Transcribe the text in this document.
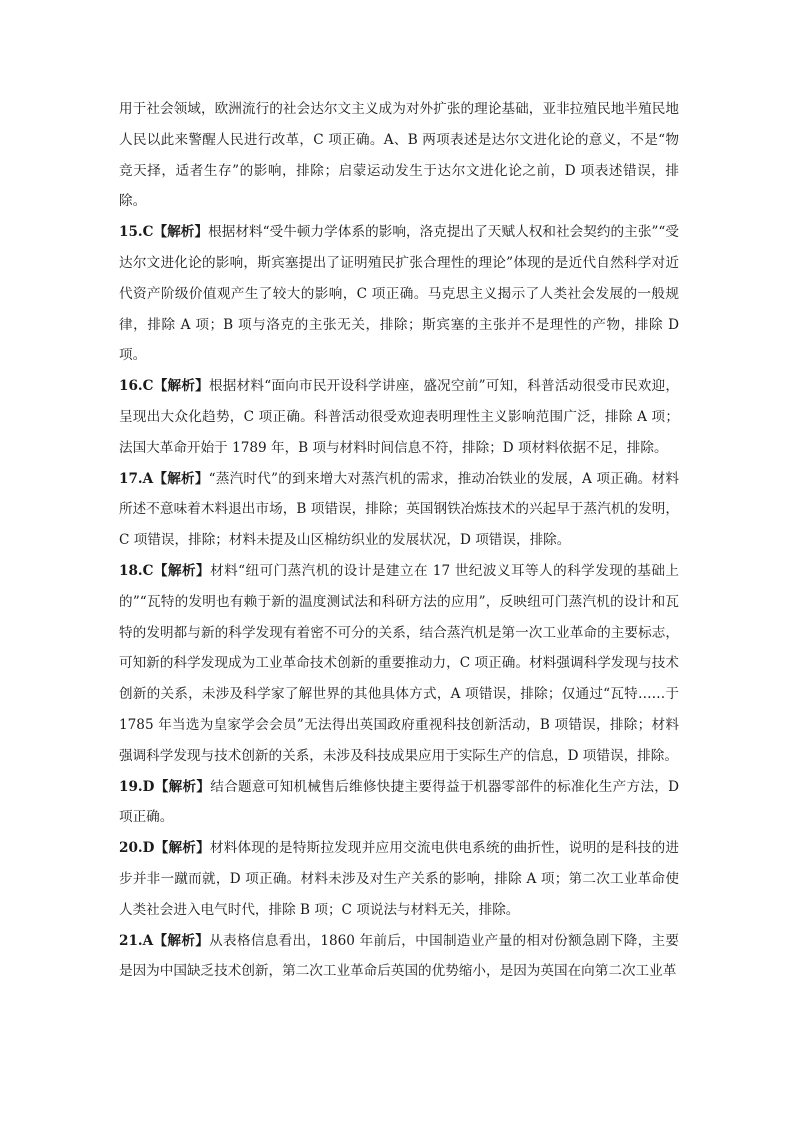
用于社会领域，欧洲流行的社会达尔文主义成为对外扩张的理论基础，亚非拉殖民地半殖民地人民以此来警醒人民进行改革，C 项正确。A、B 两项表述是达尔文进化论的意义，不是“物竞天择，适者生存”的影响，排除；启蒙运动发生于达尔文进化论之前，D 项表述错误，排除。

15.C【解析】根据材料“受牛顿力学体系的影响，洛克提出了天赋人权和社会契约的主张”“受达尔文进化论的影响，斯宾塞提出了证明殖民扩张合理性的理论”体现的是近代自然科学对近代资产阶级价值观产生了较大的影响，C 项正确。马克思主义揭示了人类社会发展的一般规律，排除 A 项；B 项与洛克的主张无关，排除；斯宾塞的主张并不是理性的产物，排除 D 项。

16.C【解析】根据材料“面向市民开设科学讲座，盛况空前”可知，科普活动很受市民欢迎，呈现出大众化趋势，C 项正确。科普活动很受欢迎表明理性主义影响范围广泛，排除 A 项；法国大革命开始于 1789 年，B 项与材料时间信息不符，排除；D 项材料依据不足，排除。

17.A【解析】“蒸汽时代”的到来增大对蒸汽机的需求，推动冶铁业的发展，A 项正确。材料所述不意味着木料退出市场，B 项错误，排除；英国钢铁冶炼技术的兴起早于蒸汽机的发明，C 项错误，排除；材料未提及山区棉纺织业的发展状况，D 项错误，排除。

18.C【解析】材料“纽可门蒸汽机的设计是建立在 17 世纪波义耳等人的科学发现的基础上的”“瓦特的发明也有赖于新的温度测试法和科研方法的应用”，反映纽可门蒸汽机的设计和瓦特的发明都与新的科学发现有着密不可分的关系，结合蒸汽机是第一次工业革命的主要标志，可知新的科学发现成为工业革命技术创新的重要推动力，C 项正确。材料强调科学发现与技术创新的关系，未涉及科学家了解世界的其他具体方式，A 项错误，排除；仅通过“瓦特……于 1785 年当选为皇家学会会员”无法得出英国政府重视科技创新活动，B 项错误，排除；材料强调科学发现与技术创新的关系，未涉及科技成果应用于实际生产的信息，D 项错误，排除。

19.D【解析】结合题意可知机械售后维修快捷主要得益于机器零部件的标准化生产方法，D 项正确。

20.D【解析】材料体现的是特斯拉发现并应用交流电供电系统的曲折性，说明的是科技的进步并非一蹴而就，D 项正确。材料未涉及对生产关系的影响，排除 A 项；第二次工业革命使人类社会进入电气时代，排除 B 项；C 项说法与材料无关，排除。

21.A【解析】从表格信息看出，1860 年前后，中国制造业产量的相对份额急剧下降，主要是因为中国缺乏技术创新，第二次工业革命后英国的优势缩小，是因为英国在向第二次工业革
